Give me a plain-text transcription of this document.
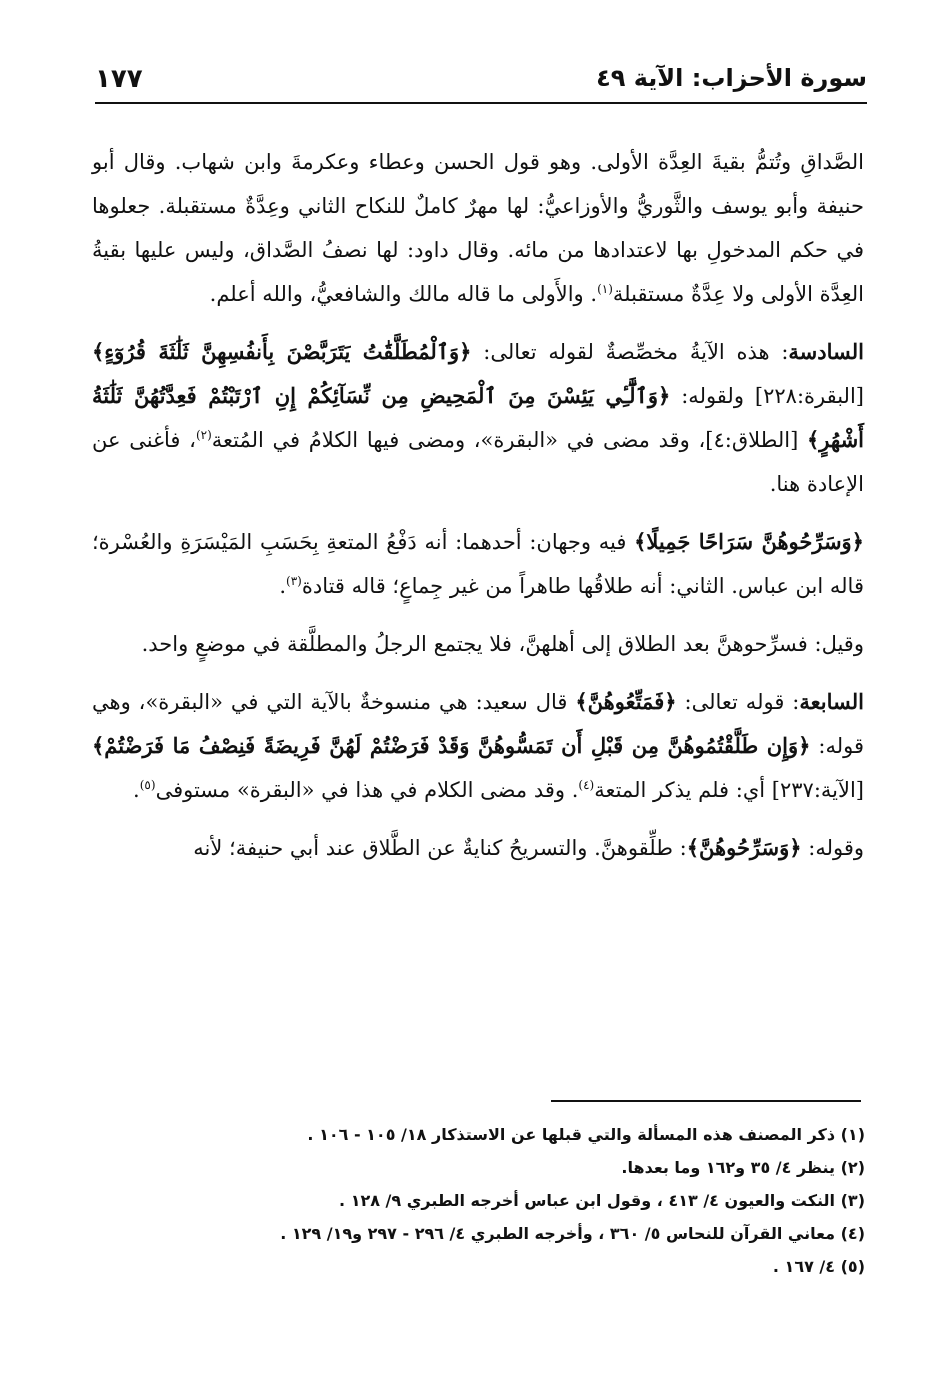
سورة الأحزاب: الآية ٤٩
١٧٧

الصَّداقِ وتُتمُّ بقيةَ العِدَّة الأولى. وهو قول الحسن وعطاء وعكرمةَ وابن شهاب. وقال أبو حنيفة وأبو يوسف والثَّوريُّ والأوزاعيُّ: لها مهرٌ كاملٌ للنكاح الثاني وعِدَّةٌ مستقبلة. جعلوها في حكم المدخولِ بها لاعتدادها من مائه. وقال داود: لها نصفُ الصَّداق، وليس عليها بقيةُ العِدَّة الأولى ولا عِدَّةٌ مستقبلة$^{(١)}$. والأَولى ما قاله مالك والشافعيُّ، والله أعلم.

السادسة: هذه الآيةُ مخصِّصةٌ لقوله تعالى: ﴿وَٱلْمُطَلَّقَٰتُ يَتَرَبَّصْنَ بِأَنفُسِهِنَّ ثَلَٰثَةَ قُرُوٓءٍ﴾ [البقرة:٢٢٨] ولقوله: ﴿وَٱلَّٰٓـِٔي يَئِسْنَ مِنَ ٱلْمَحِيضِ مِن نِّسَآئِكُمْ إِنِ ٱرْتَبْتُمْ فَعِدَّتُهُنَّ ثَلَٰثَةُ أَشْهُرٍ﴾ [الطلاق:٤]، وقد مضى في «البقرة»، ومضى فيها الكلامُ في المُتعة$^{(٢)}$، فأغنى عن الإعادة هنا.

﴿وَسَرِّحُوهُنَّ سَرَاحًا جَمِيلًا﴾ فيه وجهان: أحدهما: أنه دَفْعُ المتعةِ بِحَسَبِ المَيْسَرَةِ والعُسْرة؛ قاله ابن عباس. الثاني: أنه طلاقُها طاهراً من غير جِماعٍ؛ قاله قتادة$^{(٣)}$.

وقيل: فسرِّحوهنَّ بعد الطلاق إلى أهلهنَّ، فلا يجتمع الرجلُ والمطلَّقة في موضعٍ واحد.

السابعة: قوله تعالى: ﴿فَمَتِّعُوهُنَّ﴾ قال سعيد: هي منسوخةٌ بالآية التي في «البقرة»، وهي قوله: ﴿وَإِن طَلَّقْتُمُوهُنَّ مِن قَبْلِ أَن تَمَسُّوهُنَّ وَقَدْ فَرَضْتُمْ لَهُنَّ فَرِيضَةً فَنِصْفُ مَا فَرَضْتُمْ﴾ [الآية:٢٣٧] أي: فلم يذكر المتعة$^{(٤)}$. وقد مضى الكلام في هذا في «البقرة» مستوفى$^{(٥)}$.

وقوله: ﴿وَسَرِّحُوهُنَّ﴾: طلِّقوهنَّ. والتسريحُ كنايةٌ عن الطَّلاق عند أبي حنيفة؛ لأنه

(١) ذكر المصنف هذه المسألة والتي قبلها عن الاستذكار ١٨/ ١٠٥ - ١٠٦ .
(٢) ينظر ٤/ ٣٥ و١٦٢ وما بعدها.
(٣) النكت والعيون ٤/ ٤١٣ ، وقول ابن عباس أخرجه الطبري ٩/ ١٢٨ .
(٤) معاني القرآن للنحاس ٥/ ٣٦٠ ، وأخرجه الطبري ٤/ ٢٩٦ - ٢٩٧ و١٩/ ١٢٩ .
(٥) ٤/ ١٦٧ .
